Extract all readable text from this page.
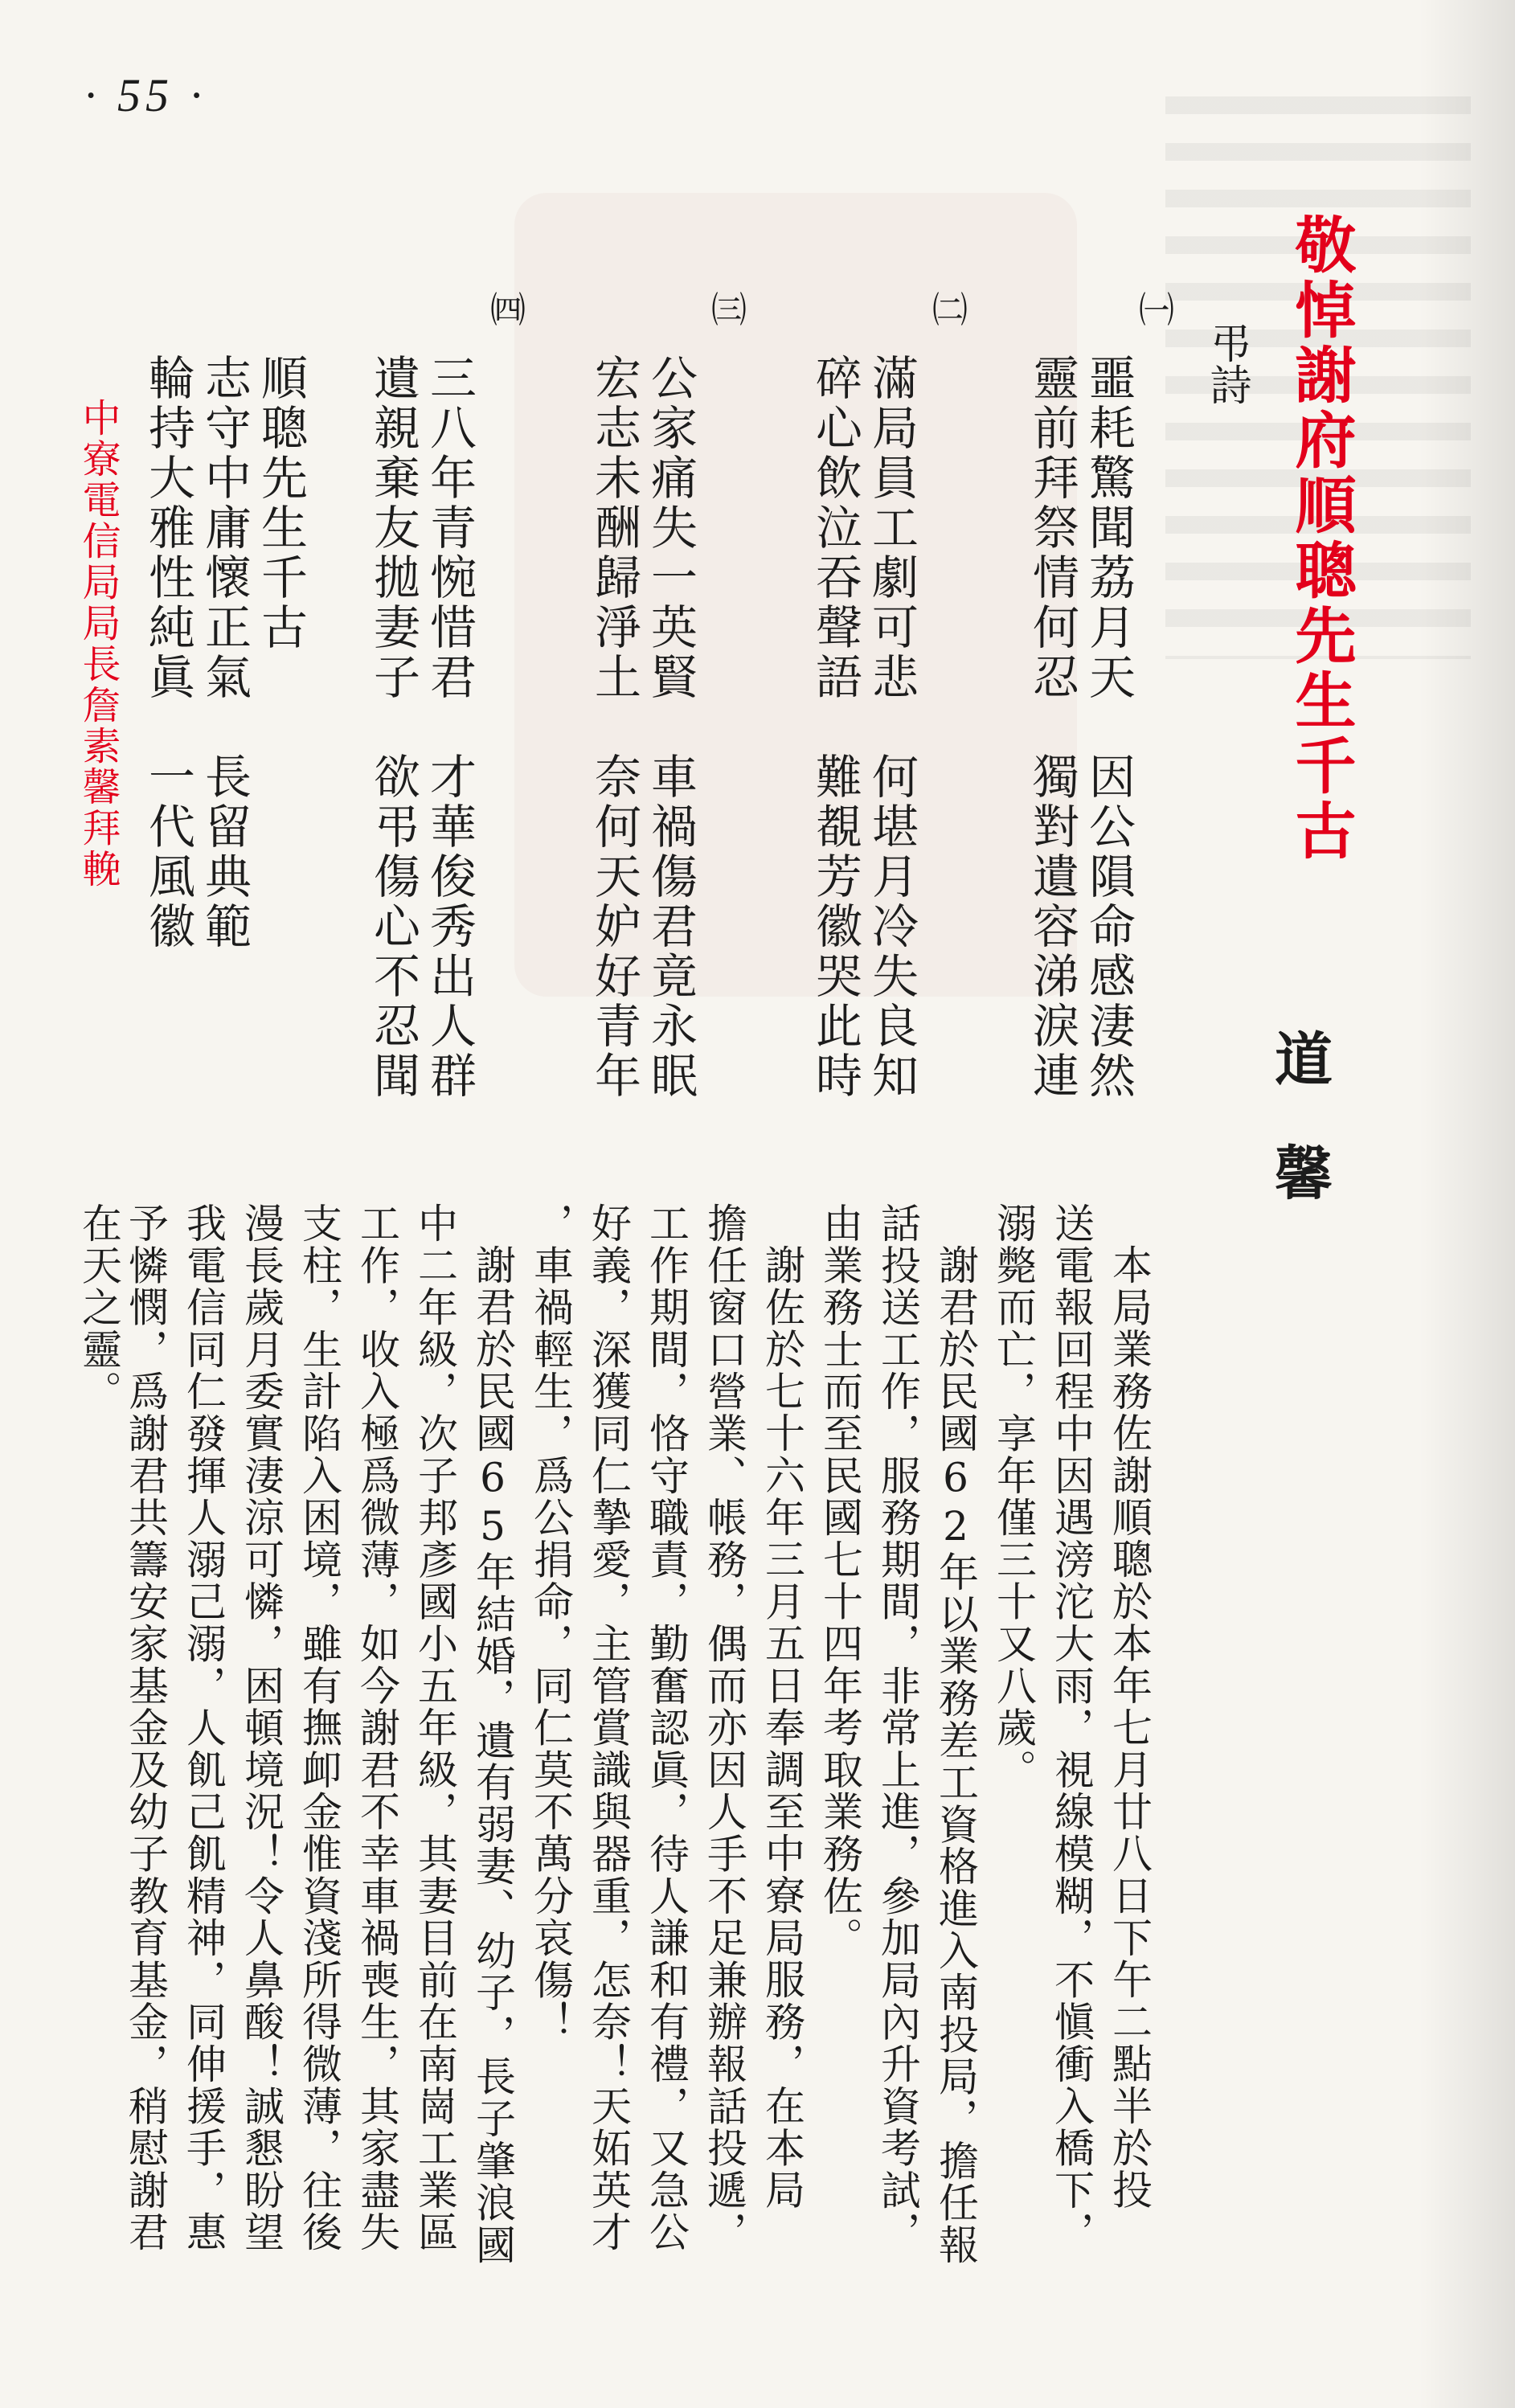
· 55 ·
敬悼謝府順聰先生千古
弔詩
㈠
噩耗驚聞荔月天　因公隕命感淒然
靈前拜祭情何忍　獨對遺容涕淚連
㈡
滿局員工劇可悲　何堪月冷失良知
碎心飲泣吞聲語　難覩芳徽哭此時
㈢
公家痛失一英賢　車禍傷君竟永眠
宏志未酬歸淨土　奈何天妒好青年
㈣
三八年青惋惜君　才華俊秀出人群
遺親棄友拋妻子　欲弔傷心不忍聞
順聰先生千古
志守中庸懷正氣　長留典範
輪持大雅性純眞　一代風徽
中寮電信局局長詹素馨拜輓
道馨
本局業務佐謝順聰於本年七月廿八日下午二點半於投
送電報回程中因遇滂沱大雨，視線模糊，不愼衝入橋下，
溺斃而亡，享年僅三十又八歲。
謝君於民國62年以業務差工資格進入南投局，擔任報
話投送工作，服務期間，非常上進，參加局內升資考試，
由業務士而至民國七十四年考取業務佐。
謝佐於七十六年三月五日奉調至中寮局服務，在本局
擔任窗口營業、帳務，偶而亦因人手不足兼辦報話投遞，
工作期間，恪守職責，勤奮認眞，待人謙和有禮，又急公
好義，深獲同仁摯愛，主管賞識與器重，怎奈！天妬英才
，車禍輕生，爲公捐命，同仁莫不萬分哀傷！
謝君於民國65年結婚，遺有弱妻、幼子，長子肇浪國
中二年級，次子邦彥國小五年級，其妻目前在南崗工業區
工作，收入極爲微薄，如今謝君不幸車禍喪生，其家盡失
支柱，生計陷入困境，雖有撫卹金惟資淺所得微薄，往後
漫長歲月委實淒涼可憐，困頓境況！令人鼻酸！誠懇盼望
我電信同仁發揮人溺己溺，人飢己飢精神，同伸援手，惠
予憐憫，爲謝君共籌安家基金及幼子教育基金，稍慰謝君
在天之靈。
